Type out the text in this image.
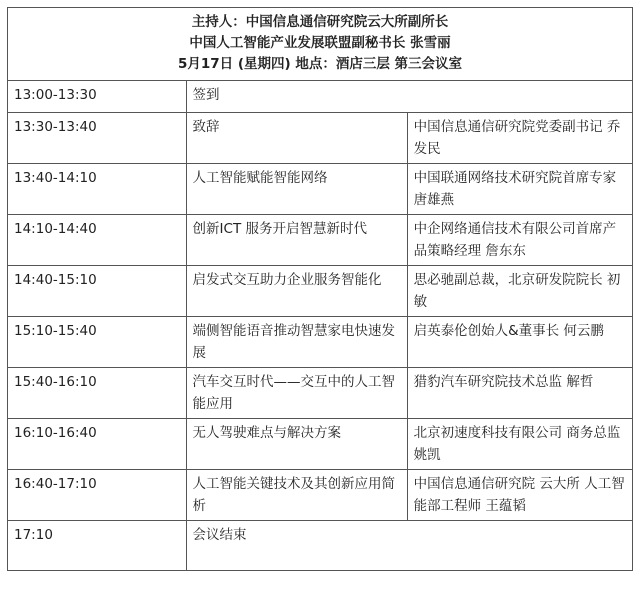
主持人：中国信息通信研究院云大所副所长
中国人工智能产业发展联盟副秘书长 张雪丽
5月17日 (星期四) 地点：酒店三层 第三会议室		

13:00-13:30	签到	
13:30-13:40	致辞	中国信息通信研究院党委副书记 乔发民
13:40-14:10	人工智能赋能智能网络	中国联通网络技术研究院首席专家 唐雄燕
14:10-14:40	创新ICT 服务开启智慧新时代	中企网络通信技术有限公司首席产品策略经理 詹东东
14:40-15:10	启发式交互助力企业服务智能化	思必驰副总裁，北京研发院院长 初敏
15:10-15:40	端侧智能语音推动智慧家电快速发展	启英泰伦创始人&董事长 何云鹏
15:40-16:10	汽车交互时代——交互中的人工智能应用	猎豹汽车研究院技术总监 解哲
16:10-16:40	无人驾驶难点与解决方案	北京初速度科技有限公司 商务总监 姚凯
16:40-17:10	人工智能关键技术及其创新应用简析	中国信息通信研究院 云大所 人工智能部工程师 王蕴韬
17:10	会议结束	
